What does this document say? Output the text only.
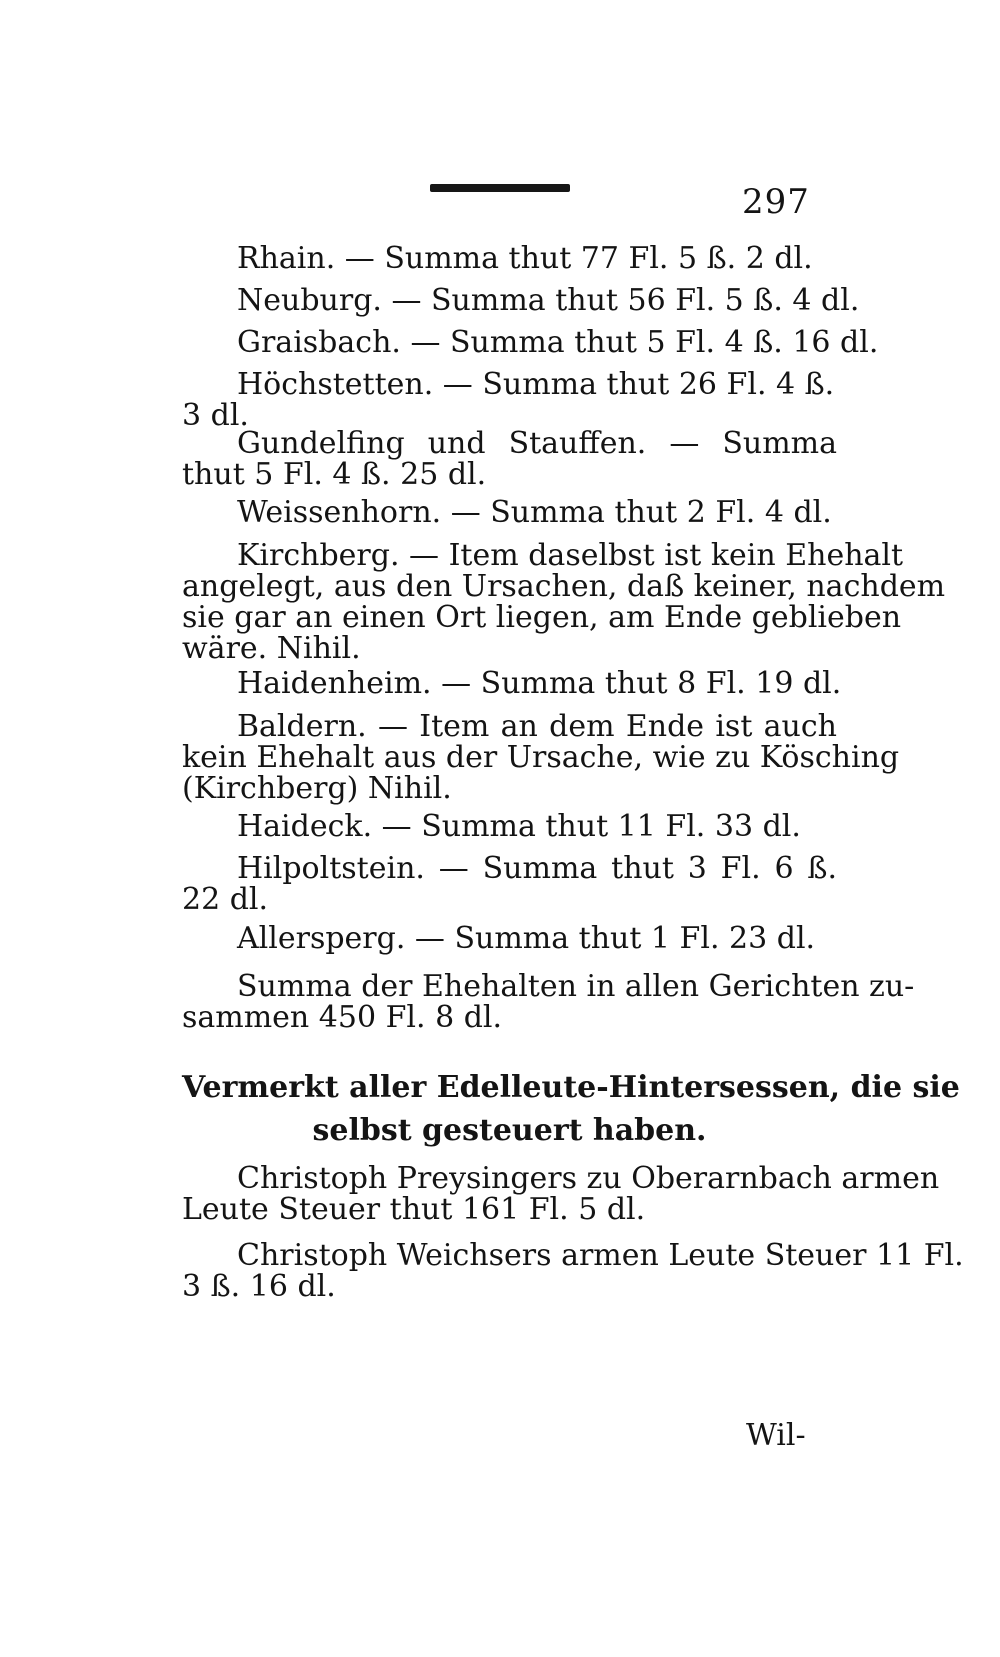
297
Rhain. — Summa thut 77 Fl. 5 ß. 2 dl.
Neuburg. — Summa thut 56 Fl. 5 ß. 4 dl.
Graisbach. — Summa thut 5 Fl. 4 ß. 16 dl.
Höchstetten. — Summa thut 26 Fl. 4 ß.
3 dl.
Gundelfing und Stauffen. — Summa
thut 5 Fl. 4 ß. 25 dl.
Weissenhorn. — Summa thut 2 Fl. 4 dl.
Kirchberg. — Item daselbst ist kein Ehehalt
angelegt, aus den Ursachen, daß keiner, nachdem
sie gar an einen Ort liegen, am Ende geblieben
wäre. Nihil.
Haidenheim. — Summa thut 8 Fl. 19 dl.
Baldern. — Item an dem Ende ist auch
kein Ehehalt aus der Ursache, wie zu Kösching
(Kirchberg) Nihil.
Haideck. — Summa thut 11 Fl. 33 dl.
Hilpoltstein. — Summa thut 3 Fl. 6 ß.
22 dl.
Allersperg. — Summa thut 1 Fl. 23 dl.
Summa der Ehehalten in allen Gerichten zu-
sammen 450 Fl. 8 dl.
Vermerkt aller Edelleute-Hintersessen, die sie
selbst gesteuert haben.
Christoph Preysingers zu Oberarnbach armen
Leute Steuer thut 161 Fl. 5 dl.
Christoph Weichsers armen Leute Steuer 11 Fl.
3 ß. 16 dl.
Wil-
